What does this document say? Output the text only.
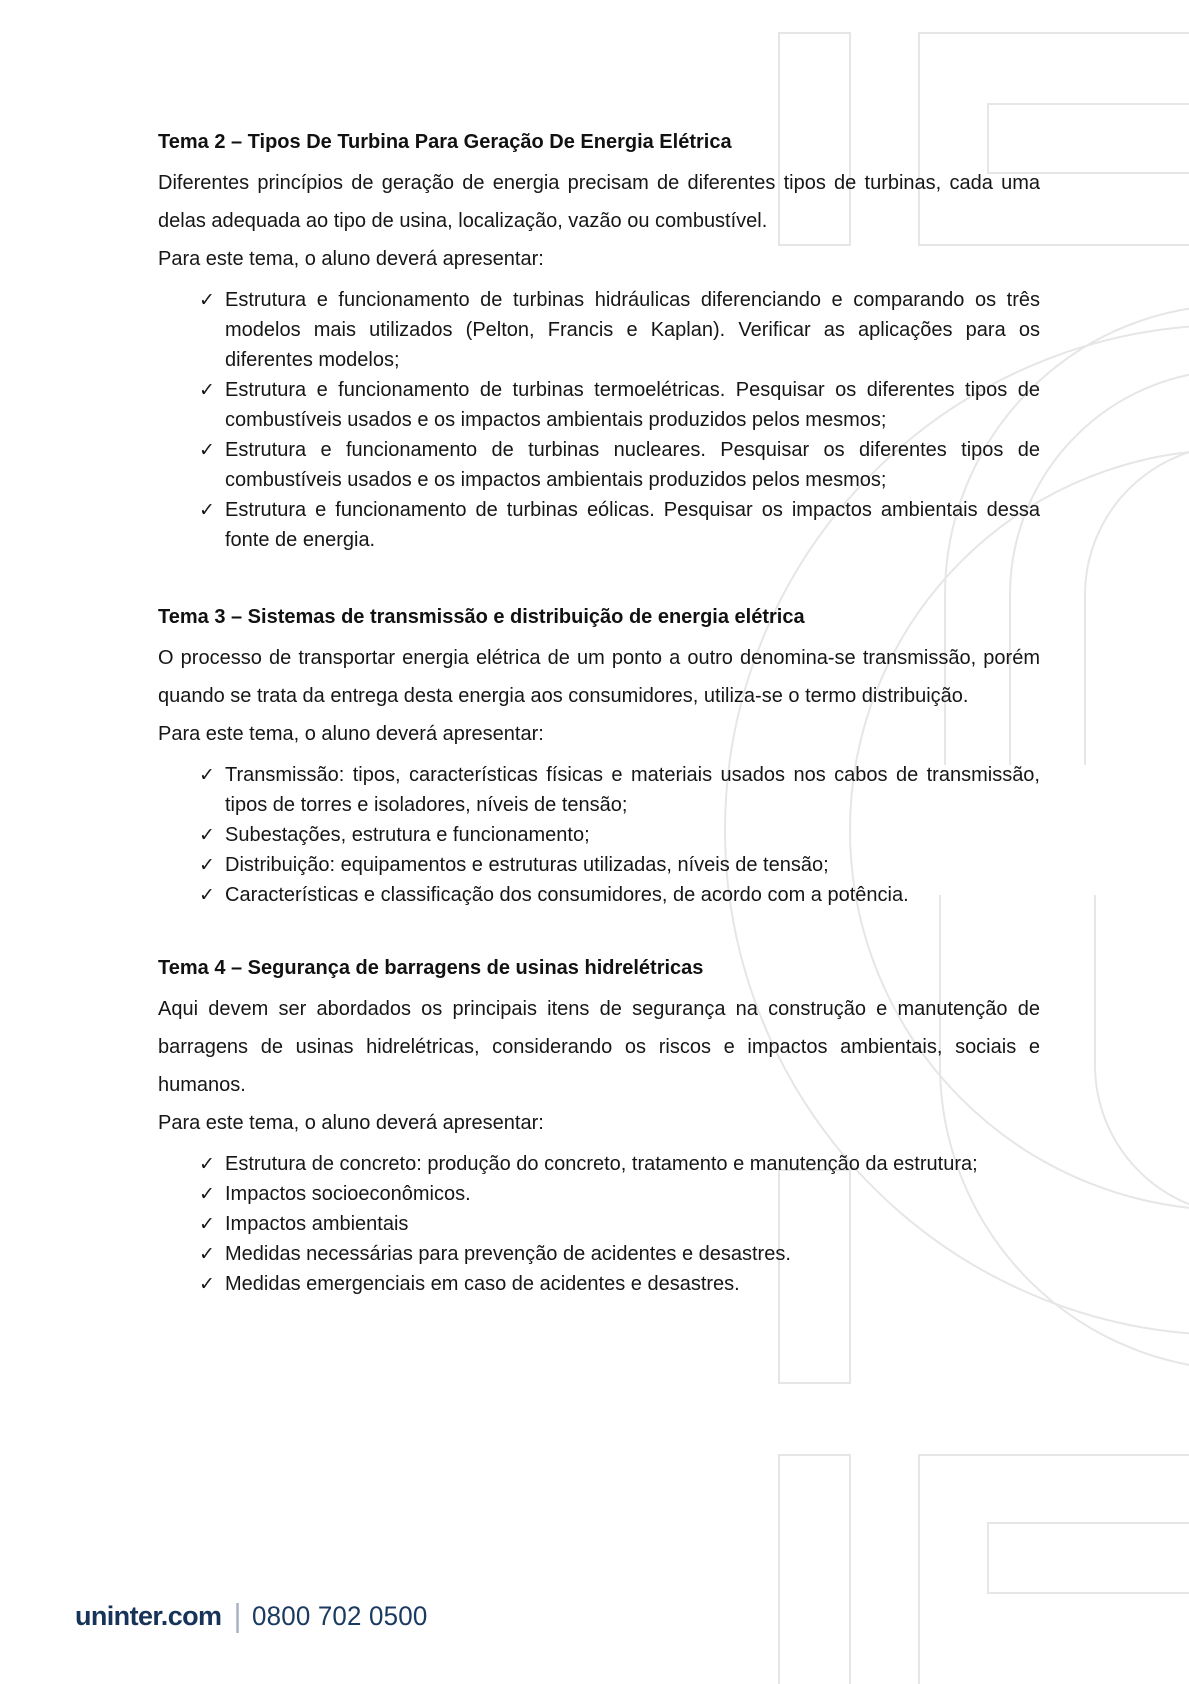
Tema 2 – Tipos De Turbina Para Geração De Energia Elétrica

Diferentes princípios de geração de energia precisam de diferentes tipos de turbinas, cada uma delas adequada ao tipo de usina, localização, vazão ou combustível.

Para este tema, o aluno deverá apresentar:

✓ Estrutura e funcionamento de turbinas hidráulicas diferenciando e comparando os três modelos mais utilizados (Pelton, Francis e Kaplan). Verificar as aplicações para os diferentes modelos;
✓ Estrutura e funcionamento de turbinas termoelétricas. Pesquisar os diferentes tipos de combustíveis usados e os impactos ambientais produzidos pelos mesmos;
✓ Estrutura e funcionamento de turbinas nucleares. Pesquisar os diferentes tipos de combustíveis usados e os impactos ambientais produzidos pelos mesmos;
✓ Estrutura e funcionamento de turbinas eólicas. Pesquisar os impactos ambientais dessa fonte de energia.
Tema 3 – Sistemas de transmissão e distribuição de energia elétrica

O processo de transportar energia elétrica de um ponto a outro denomina-se transmissão, porém quando se trata da entrega desta energia aos consumidores, utiliza-se o termo distribuição.

Para este tema, o aluno deverá apresentar:

✓ Transmissão: tipos, características físicas e materiais usados nos cabos de transmissão, tipos de torres e isoladores, níveis de tensão;
✓ Subestações, estrutura e funcionamento;
✓ Distribuição: equipamentos e estruturas utilizadas, níveis de tensão;
✓ Características e classificação dos consumidores, de acordo com a potência.
Tema 4 – Segurança de barragens de usinas hidrelétricas

Aqui devem ser abordados os principais itens de segurança na construção e manutenção de barragens de usinas hidrelétricas, considerando os riscos e impactos ambientais, sociais e humanos.

Para este tema, o aluno deverá apresentar:

✓ Estrutura de concreto: produção do concreto, tratamento e manutenção da estrutura;
✓ Impactos socioeconômicos.
✓ Impactos ambientais
✓ Medidas necessárias para prevenção de acidentes e desastres.
✓ Medidas emergenciais em caso de acidentes e desastres.
uninter.com | 0800 702 0500
